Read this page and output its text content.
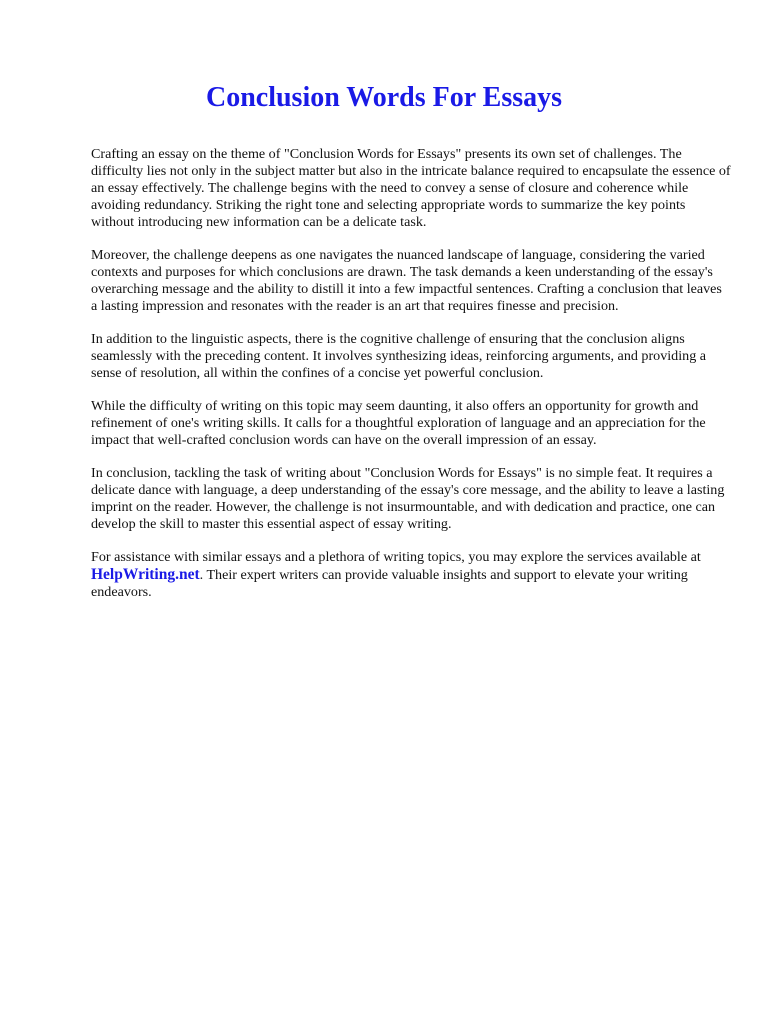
Conclusion Words For Essays

Crafting an essay on the theme of "Conclusion Words for Essays" presents its own set of challenges. The difficulty lies not only in the subject matter but also in the intricate balance required to encapsulate the essence of an essay effectively. The challenge begins with the need to convey a sense of closure and coherence while avoiding redundancy. Striking the right tone and selecting appropriate words to summarize the key points without introducing new information can be a delicate task.

Moreover, the challenge deepens as one navigates the nuanced landscape of language, considering the varied contexts and purposes for which conclusions are drawn. The task demands a keen understanding of the essay's overarching message and the ability to distill it into a few impactful sentences. Crafting a conclusion that leaves a lasting impression and resonates with the reader is an art that requires finesse and precision.

In addition to the linguistic aspects, there is the cognitive challenge of ensuring that the conclusion aligns seamlessly with the preceding content. It involves synthesizing ideas, reinforcing arguments, and providing a sense of resolution, all within the confines of a concise yet powerful conclusion.

While the difficulty of writing on this topic may seem daunting, it also offers an opportunity for growth and refinement of one's writing skills. It calls for a thoughtful exploration of language and an appreciation for the impact that well-crafted conclusion words can have on the overall impression of an essay.

In conclusion, tackling the task of writing about "Conclusion Words for Essays" is no simple feat. It requires a delicate dance with language, a deep understanding of the essay's core message, and the ability to leave a lasting imprint on the reader. However, the challenge is not insurmountable, and with dedication and practice, one can develop the skill to master this essential aspect of essay writing.

For assistance with similar essays and a plethora of writing topics, you may explore the services available at HelpWriting.net. Their expert writers can provide valuable insights and support to elevate your writing endeavors.
